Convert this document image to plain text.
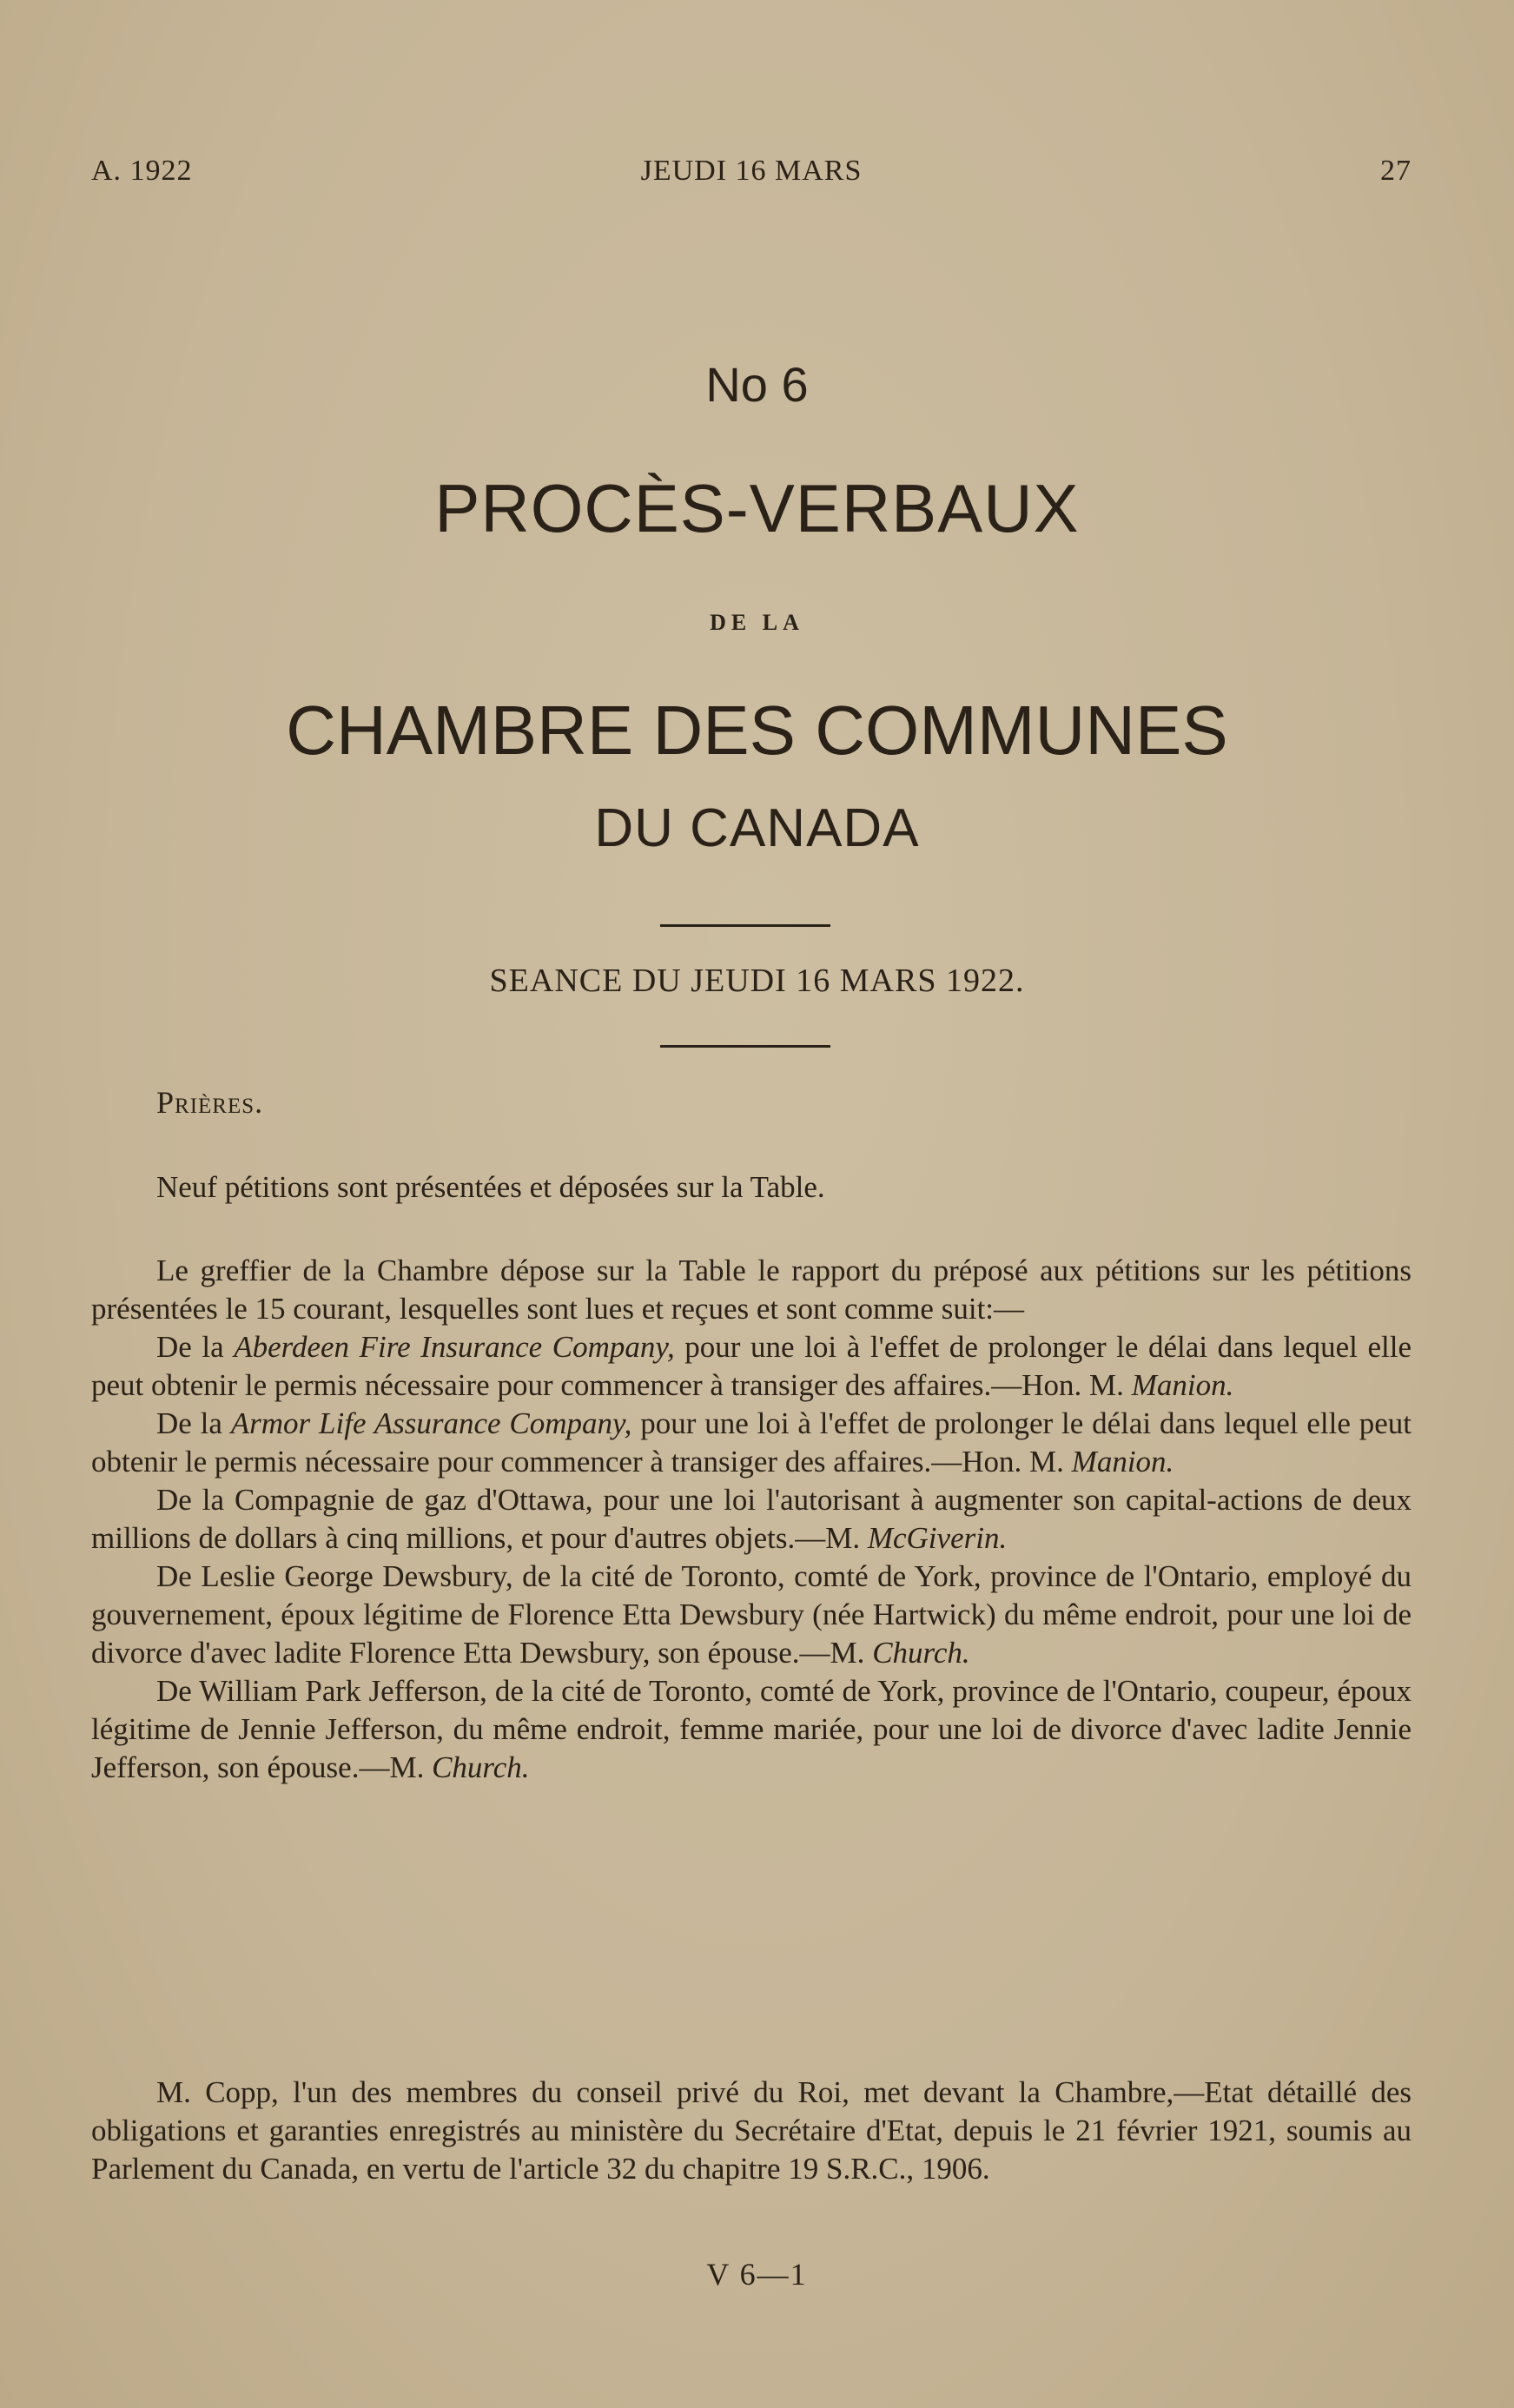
A. 1922	JEUDI 16 MARS	27
No 6
PROCÈS-VERBAUX
DE LA
CHAMBRE DES COMMUNES
DU CANADA
SEANCE DU JEUDI 16 MARS 1922.

Prières.

Neuf pétitions sont présentées et déposées sur la Table.

Le greffier de la Chambre dépose sur la Table le rapport du préposé aux pétitions sur les pétitions présentées le 15 courant, lesquelles sont lues et reçues et sont comme suit:—

De la Aberdeen Fire Insurance Company, pour une loi à l'effet de prolonger le délai dans lequel elle peut obtenir le permis nécessaire pour commencer à transiger des affaires.—Hon. M. Manion.

De la Armor Life Assurance Company, pour une loi à l'effet de prolonger le délai dans lequel elle peut obtenir le permis nécessaire pour commencer à transiger des affaires.—Hon. M. Manion.

De la Compagnie de gaz d'Ottawa, pour une loi l'autorisant à augmenter son capital-actions de deux millions de dollars à cinq millions, et pour d'autres objets.—M. McGiverin.

De Leslie George Dewsbury, de la cité de Toronto, comté de York, province de l'Ontario, employé du gouvernement, époux légitime de Florence Etta Dewsbury (née Hartwick) du même endroit, pour une loi de divorce d'avec ladite Florence Etta Dewsbury, son épouse.—M. Church.

De William Park Jefferson, de la cité de Toronto, comté de York, province de l'Ontario, coupeur, époux légitime de Jennie Jefferson, du même endroit, femme mariée, pour une loi de divorce d'avec ladite Jennie Jefferson, son épouse.—M. Church.

M. Copp, l'un des membres du conseil privé du Roi, met devant la Chambre,—Etat détaillé des obligations et garanties enregistrés au ministère du Secrétaire d'Etat, depuis le 21 février 1921, soumis au Parlement du Canada, en vertu de l'article 32 du chapitre 19 S.R.C., 1906.

V 6—1
